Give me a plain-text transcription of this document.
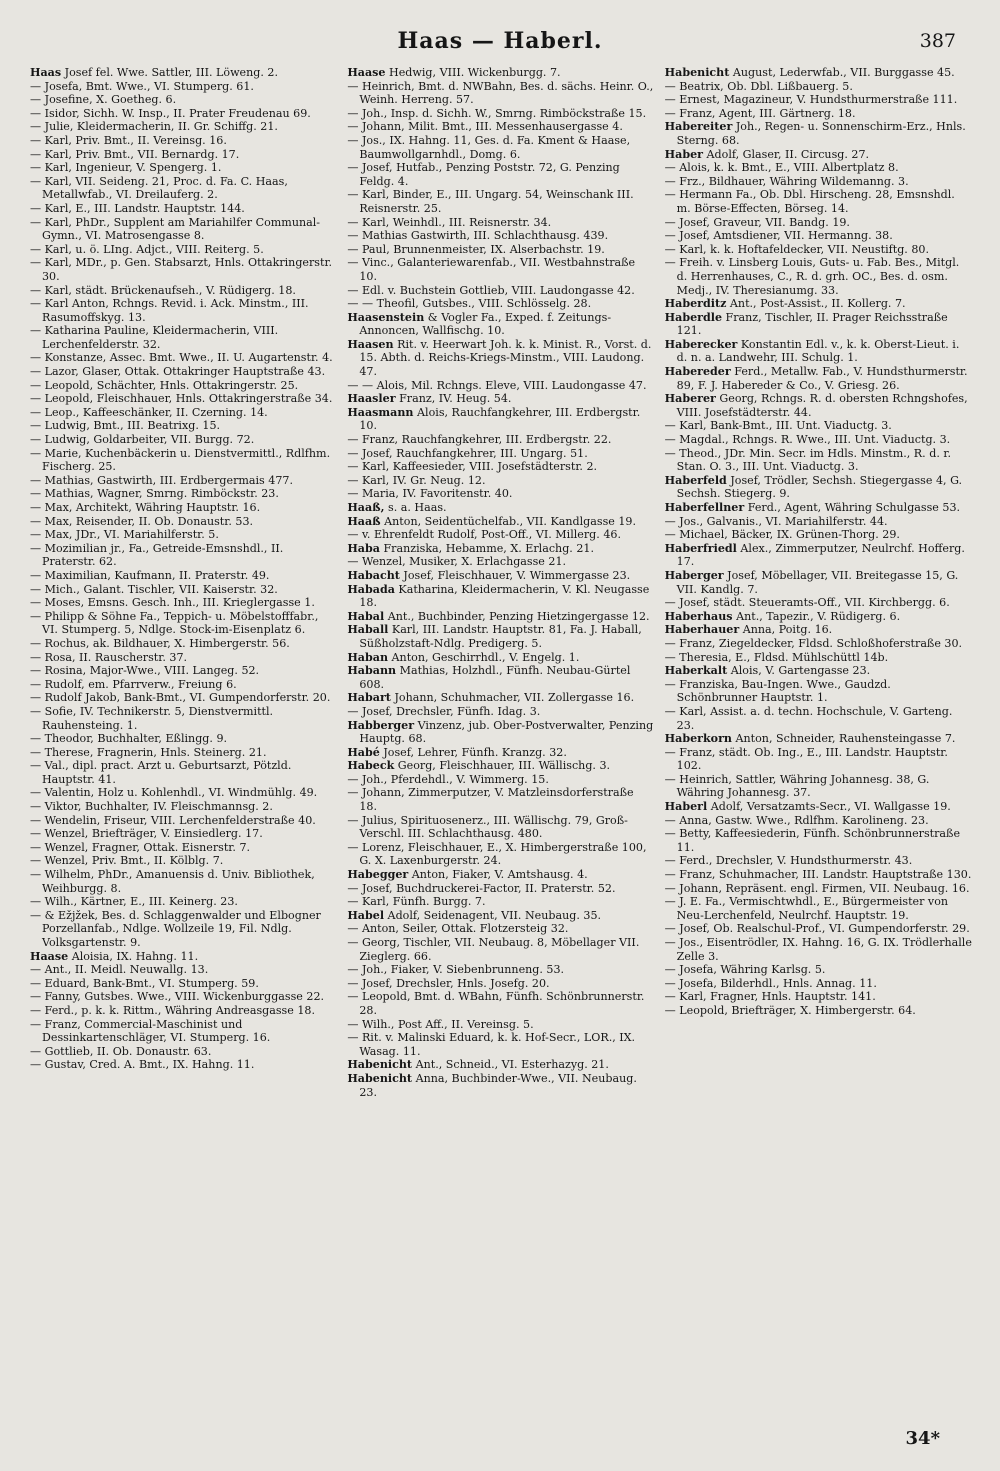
Haas — Haberl.	387

Haas Josef fel. Wwe. Sattler, III. Löweng. 2.

— Josefa, Bmt. Wwe., VI. Stumperg. 61.

— Josefine, X. Goetheg. 6.

— Isidor, Sichh. W. Insp., II. Prater Freudenau 69.

— Julie, Kleidermacherin, II. Gr. Schiffg. 21.

— Karl, Priv. Bmt., II. Vereinsg. 16.

— Karl, Priv. Bmt., VII. Bernardg. 17.

— Karl, Ingenieur, V. Spengerg. 1.

— Karl, VII. Seideng. 21, Proc. d. Fa. C. Haas, Metallwfab., VI. Dreilauferg. 2.

— Karl, E., III. Landstr. Hauptstr. 144.

— Karl, PhDr., Supplent am Mariahilfer Communal-Gymn., VI. Matrosengasse 8.

— Karl, u. ö. LIng. Adjct., VIII. Reiterg. 5.

— Karl, MDr., p. Gen. Stabsarzt, Hnls. Ottakringerstr. 30.

— Karl, städt. Brückenaufseh., V. Rüdigerg. 18.

— Karl Anton, Rchngs. Revid. i. Ack. Minstm., III. Rasumoffskyg. 13.

— Katharina Pauline, Kleidermacherin, VIII. Lerchenfelderstr. 32.

— Konstanze, Assec. Bmt. Wwe., II. U. Augartenstr. 4.

— Lazor, Glaser, Ottak. Ottakringer Hauptstraße 43.

— Leopold, Schächter, Hnls. Ottakringerstr. 25.

— Leopold, Fleischhauer, Hnls. Ottakringerstraße 34.

— Leop., Kaffeeschänker, II. Czerning. 14.

— Ludwig, Bmt., III. Beatrixg. 15.

— Ludwig, Goldarbeiter, VII. Burgg. 72.

— Marie, Kuchenbäckerin u. Dienstvermittl., Rdlfhm. Fischerg. 25.

— Mathias, Gastwirth, III. Erdbergermais 477.

— Mathias, Wagner, Smrng. Rimböckstr. 23.

— Max, Architekt, Währing Hauptstr. 16.

— Max, Reisender, II. Ob. Donaustr. 53.

— Max, JDr., VI. Mariahilferstr. 5.

— Mozimilian jr., Fa., Getreide-Emsnshdl., II. Praterstr. 62.

— Maximilian, Kaufmann, II. Praterstr. 49.

— Mich., Galant. Tischler, VII. Kaiserstr. 32.

— Moses, Emsns. Gesch. Inh., III. Krieglergasse 1.

— Philipp & Söhne Fa., Teppich- u. Möbelstofffabr., VI. Stumperg. 5, Ndlge. Stock-im-Eisenplatz 6.

— Rochus, ak. Bildhauer, X. Himbergerstr. 56.

— Rosa, II. Rauscherstr. 37.

— Rosina, Major-Wwe., VIII. Langeg. 52.

— Rudolf, em. Pfarrverw., Freiung 6.

— Rudolf Jakob, Bank-Bmt., VI. Gumpendorferstr. 20.

— Sofie, IV. Technikerstr. 5, Dienstvermittl. Rauhensteing. 1.

— Theodor, Buchhalter, Eßlingg. 9.

— Therese, Fragnerin, Hnls. Steinerg. 21.

— Val., dipl. pract. Arzt u. Geburtsarzt, Pötzld. Hauptstr. 41.

— Valentin, Holz u. Kohlenhdl., VI. Windmühlg. 49.

— Viktor, Buchhalter, IV. Fleischmannsg. 2.

— Wendelin, Friseur, VIII. Lerchenfelderstraße 40.

— Wenzel, Briefträger, V. Einsiedlerg. 17.

— Wenzel, Fragner, Ottak. Eisnerstr. 7.

— Wenzel, Priv. Bmt., II. Kölblg. 7.

— Wilhelm, PhDr., Amanuensis d. Univ. Bibliothek, Weihburgg. 8.

— Wilh., Kärtner, E., III. Keinerg. 23.

— & Ežjžek, Bes. d. Schlaggenwalder und Elbogner Porzellanfab., Ndlge. Wollzeile 19, Fil. Ndlg. Volksgartenstr. 9.

Haase Aloisia, IX. Hahng. 11.

— Ant., II. Meidl. Neuwallg. 13.

— Eduard, Bank-Bmt., VI. Stumperg. 59.

— Fanny, Gutsbes. Wwe., VIII. Wickenburggasse 22.

— Ferd., p. k. k. Rittm., Währing Andreasgasse 18.

— Franz, Commercial-Maschinist und Dessinkartenschläger, VI. Stumperg. 16.

— Gottlieb, II. Ob. Donaustr. 63.

— Gustav, Cred. A. Bmt., IX. Hahng. 11.

Haase Hedwig, VIII. Wickenburgg. 7.

— Heinrich, Bmt. d. NWBahn, Bes. d. sächs. Heinr. O., Weinh. Herreng. 57.

— Joh., Insp. d. Sichh. W., Smrng. Rimböckstraße 15.

— Johann, Milit. Bmt., III. Messenhausergasse 4.

— Jos., IX. Hahng. 11, Ges. d. Fa. Kment & Haase, Baumwollgarnhdl., Domg. 6.

— Josef, Hutfab., Penzing Poststr. 72, G. Penzing Feldg. 4.

— Karl, Binder, E., III. Ungarg. 54, Weinschank III. Reisnerstr. 25.

— Karl, Weinhdl., III. Reisnerstr. 34.

— Mathias Gastwirth, III. Schlachthausg. 439.

— Paul, Brunnenmeister, IX. Alserbachstr. 19.

— Vinc., Galanteriewarenfab., VII. Westbahnstraße 10.

— Edl. v. Buchstein Gottlieb, VIII. Laudongasse 42.

— — Theofil, Gutsbes., VIII. Schlösselg. 28.

Haasenstein & Vogler Fa., Exped. f. Zeitungs-Annoncen, Wallfischg. 10.

Haasen Rit. v. Heerwart Joh. k. k. Minist. R., Vorst. d. 15. Abth. d. Reichs-Kriegs-Minstm., VIII. Laudong. 47.

— — Alois, Mil. Rchngs. Eleve, VIII. Laudongasse 47.

Haasler Franz, IV. Heug. 54.

Haasmann Alois, Rauchfangkehrer, III. Erdbergstr. 10.

— Franz, Rauchfangkehrer, III. Erdbergstr. 22.

— Josef, Rauchfangkehrer, III. Ungarg. 51.

— Karl, Kaffeesieder, VIII. Josefstädterstr. 2.

— Karl, IV. Gr. Neug. 12.

— Maria, IV. Favoritenstr. 40.

Haaß, s. a. Haas.

Haaß Anton, Seidentüchelfab., VII. Kandlgasse 19.

— v. Ehrenfeldt Rudolf, Post-Off., VI. Millerg. 46.

Haba Franziska, Hebamme, X. Erlachg. 21.

— Wenzel, Musiker, X. Erlachgasse 21.

Habacht Josef, Fleischhauer, V. Wimmergasse 23.

Habada Katharina, Kleidermacherin, V. Kl. Neugasse 18.

Habal Ant., Buchbinder, Penzing Hietzingergasse 12.

Haball Karl, III. Landstr. Hauptstr. 81, Fa. J. Haball, Süßholzstaft-Ndlg. Predigerg. 5.

Haban Anton, Geschirrhdl., V. Engelg. 1.

Habann Mathias, Holzhdl., Fünfh. Neubau-Gürtel 608.

Habart Johann, Schuhmacher, VII. Zollergasse 16.

— Josef, Drechsler, Fünfh. Idag. 3.

Habberger Vinzenz, jub. Ober-Postverwalter, Penzing Hauptg. 68.

Habé Josef, Lehrer, Fünfh. Kranzg. 32.

Habeck Georg, Fleischhauer, III. Wällischg. 3.

— Joh., Pferdehdl., V. Wimmerg. 15.

— Johann, Zimmerputzer, V. Matzleinsdorferstraße 18.

— Julius, Spirituosenerz., III. Wällischg. 79, Groß-Verschl. III. Schlachthausg. 480.

— Lorenz, Fleischhauer, E., X. Himbergerstraße 100, G. X. Laxenburgerstr. 24.

Habegger Anton, Fiaker, V. Amtshausg. 4.

— Josef, Buchdruckerei-Factor, II. Praterstr. 52.

— Karl, Fünfh. Burgg. 7.

Habel Adolf, Seidenagent, VII. Neubaug. 35.

— Anton, Seiler, Ottak. Flotzersteig 32.

— Georg, Tischler, VII. Neubaug. 8, Möbellager VII. Zieglerg. 66.

— Joh., Fiaker, V. Siebenbrunneng. 53.

— Josef, Drechsler, Hnls. Josefg. 20.

— Leopold, Bmt. d. WBahn, Fünfh. Schönbrunnerstr. 28.

— Wilh., Post Aff., II. Vereinsg. 5.

— Rit. v. Malinski Eduard, k. k. Hof-Secr., LOR., IX. Wasag. 11.

Habenicht Ant., Schneid., VI. Esterhazyg. 21.

Habenicht Anna, Buchbinder-Wwe., VII. Neubaug. 23.

Habenicht August, Lederwfab., VII. Burggasse 45.

— Beatrix, Ob. Dbl. Lißbauerg. 5.

— Ernest, Magazineur, V. Hundsthurmerstraße 111.

— Franz, Agent, III. Gärtnerg. 18.

Habereiter Joh., Regen- u. Sonnenschirm-Erz., Hnls. Sterng. 68.

Haber Adolf, Glaser, II. Circusg. 27.

— Alois, k. k. Bmt., E., VIII. Albertplatz 8.

— Frz., Bildhauer, Währing Wildemanng. 3.

— Hermann Fa., Ob. Dbl. Hirscheng. 28, Emsnshdl. m. Börse-Effecten, Börseg. 14.

— Josef, Graveur, VII. Bandg. 19.

— Josef, Amtsdiener, VII. Hermanng. 38.

— Karl, k. k. Hoftafeldecker, VII. Neustiftg. 80.

— Freih. v. Linsberg Louis, Guts- u. Fab. Bes., Mitgl. d. Herrenhauses, C., R. d. grh. OC., Bes. d. osm. Medj., IV. Theresianumg. 33.

Haberditz Ant., Post-Assist., II. Kollerg. 7.

Haberdle Franz, Tischler, II. Prager Reichsstraße 121.

Haberecker Konstantin Edl. v., k. k. Oberst-Lieut. i. d. n. a. Landwehr, III. Schulg. 1.

Habereder Ferd., Metallw. Fab., V. Hundsthurmerstr. 89, F. J. Habereder & Co., V. Griesg. 26.

Haberer Georg, Rchngs. R. d. obersten Rchngshofes, VIII. Josefstädterstr. 44.

— Karl, Bank-Bmt., III. Unt. Viaductg. 3.

— Magdal., Rchngs. R. Wwe., III. Unt. Viaductg. 3.

— Theod., JDr. Min. Secr. im Hdls. Minstm., R. d. r. Stan. O. 3., III. Unt. Viaductg. 3.

Haberfeld Josef, Trödler, Sechsh. Stiegergasse 4, G. Sechsh. Stiegerg. 9.

Haberfellner Ferd., Agent, Währing Schulgasse 53.

— Jos., Galvanis., VI. Mariahilferstr. 44.

— Michael, Bäcker, IX. Grünen-Thorg. 29.

Haberfriedl Alex., Zimmerputzer, Neulrchf. Hofferg. 17.

Haberger Josef, Möbellager, VII. Breitegasse 15, G. VII. Kandlg. 7.

— Josef, städt. Steueramts-Off., VII. Kirchbergg. 6.

Haberhaus Ant., Tapezir., V. Rüdigerg. 6.

Haberhauer Anna, Poitg. 16.

— Franz, Ziegeldecker, Fldsd. Schloßhoferstraße 30.

— Theresia, E., Fldsd. Mühlschüttl 14b.

Haberkalt Alois, V. Gartengasse 23.

— Franziska, Bau-Ingen. Wwe., Gaudzd. Schönbrunner Hauptstr. 1.

— Karl, Assist. a. d. techn. Hochschule, V. Garteng. 23.

Haberkorn Anton, Schneider, Rauhensteingasse 7.

— Franz, städt. Ob. Ing., E., III. Landstr. Hauptstr. 102.

— Heinrich, Sattler, Währing Johannesg. 38, G. Währing Johannesg. 37.

Haberl Adolf, Versatzamts-Secr., VI. Wallgasse 19.

— Anna, Gastw. Wwe., Rdlfhm. Karolineng. 23.

— Betty, Kaffeesiederin, Fünfh. Schönbrunnerstraße 11.

— Ferd., Drechsler, V. Hundsthurmerstr. 43.

— Franz, Schuhmacher, III. Landstr. Hauptstraße 130.

— Johann, Repräsent. engl. Firmen, VII. Neubaug. 16.

— J. E. Fa., Vermischtwhdl., E., Bürgermeister von Neu-Lerchenfeld, Neulrchf. Hauptstr. 19.

— Josef, Ob. Realschul-Prof., VI. Gumpendorferstr. 29.

— Jos., Eisentrödler, IX. Hahng. 16, G. IX. Trödlerhalle Zelle 3.

— Josefa, Währing Karlsg. 5.

— Josefa, Bilderhdl., Hnls. Annag. 11.

— Karl, Fragner, Hnls. Hauptstr. 141.

— Leopold, Briefträger, X. Himbergerstr. 64.

34*
